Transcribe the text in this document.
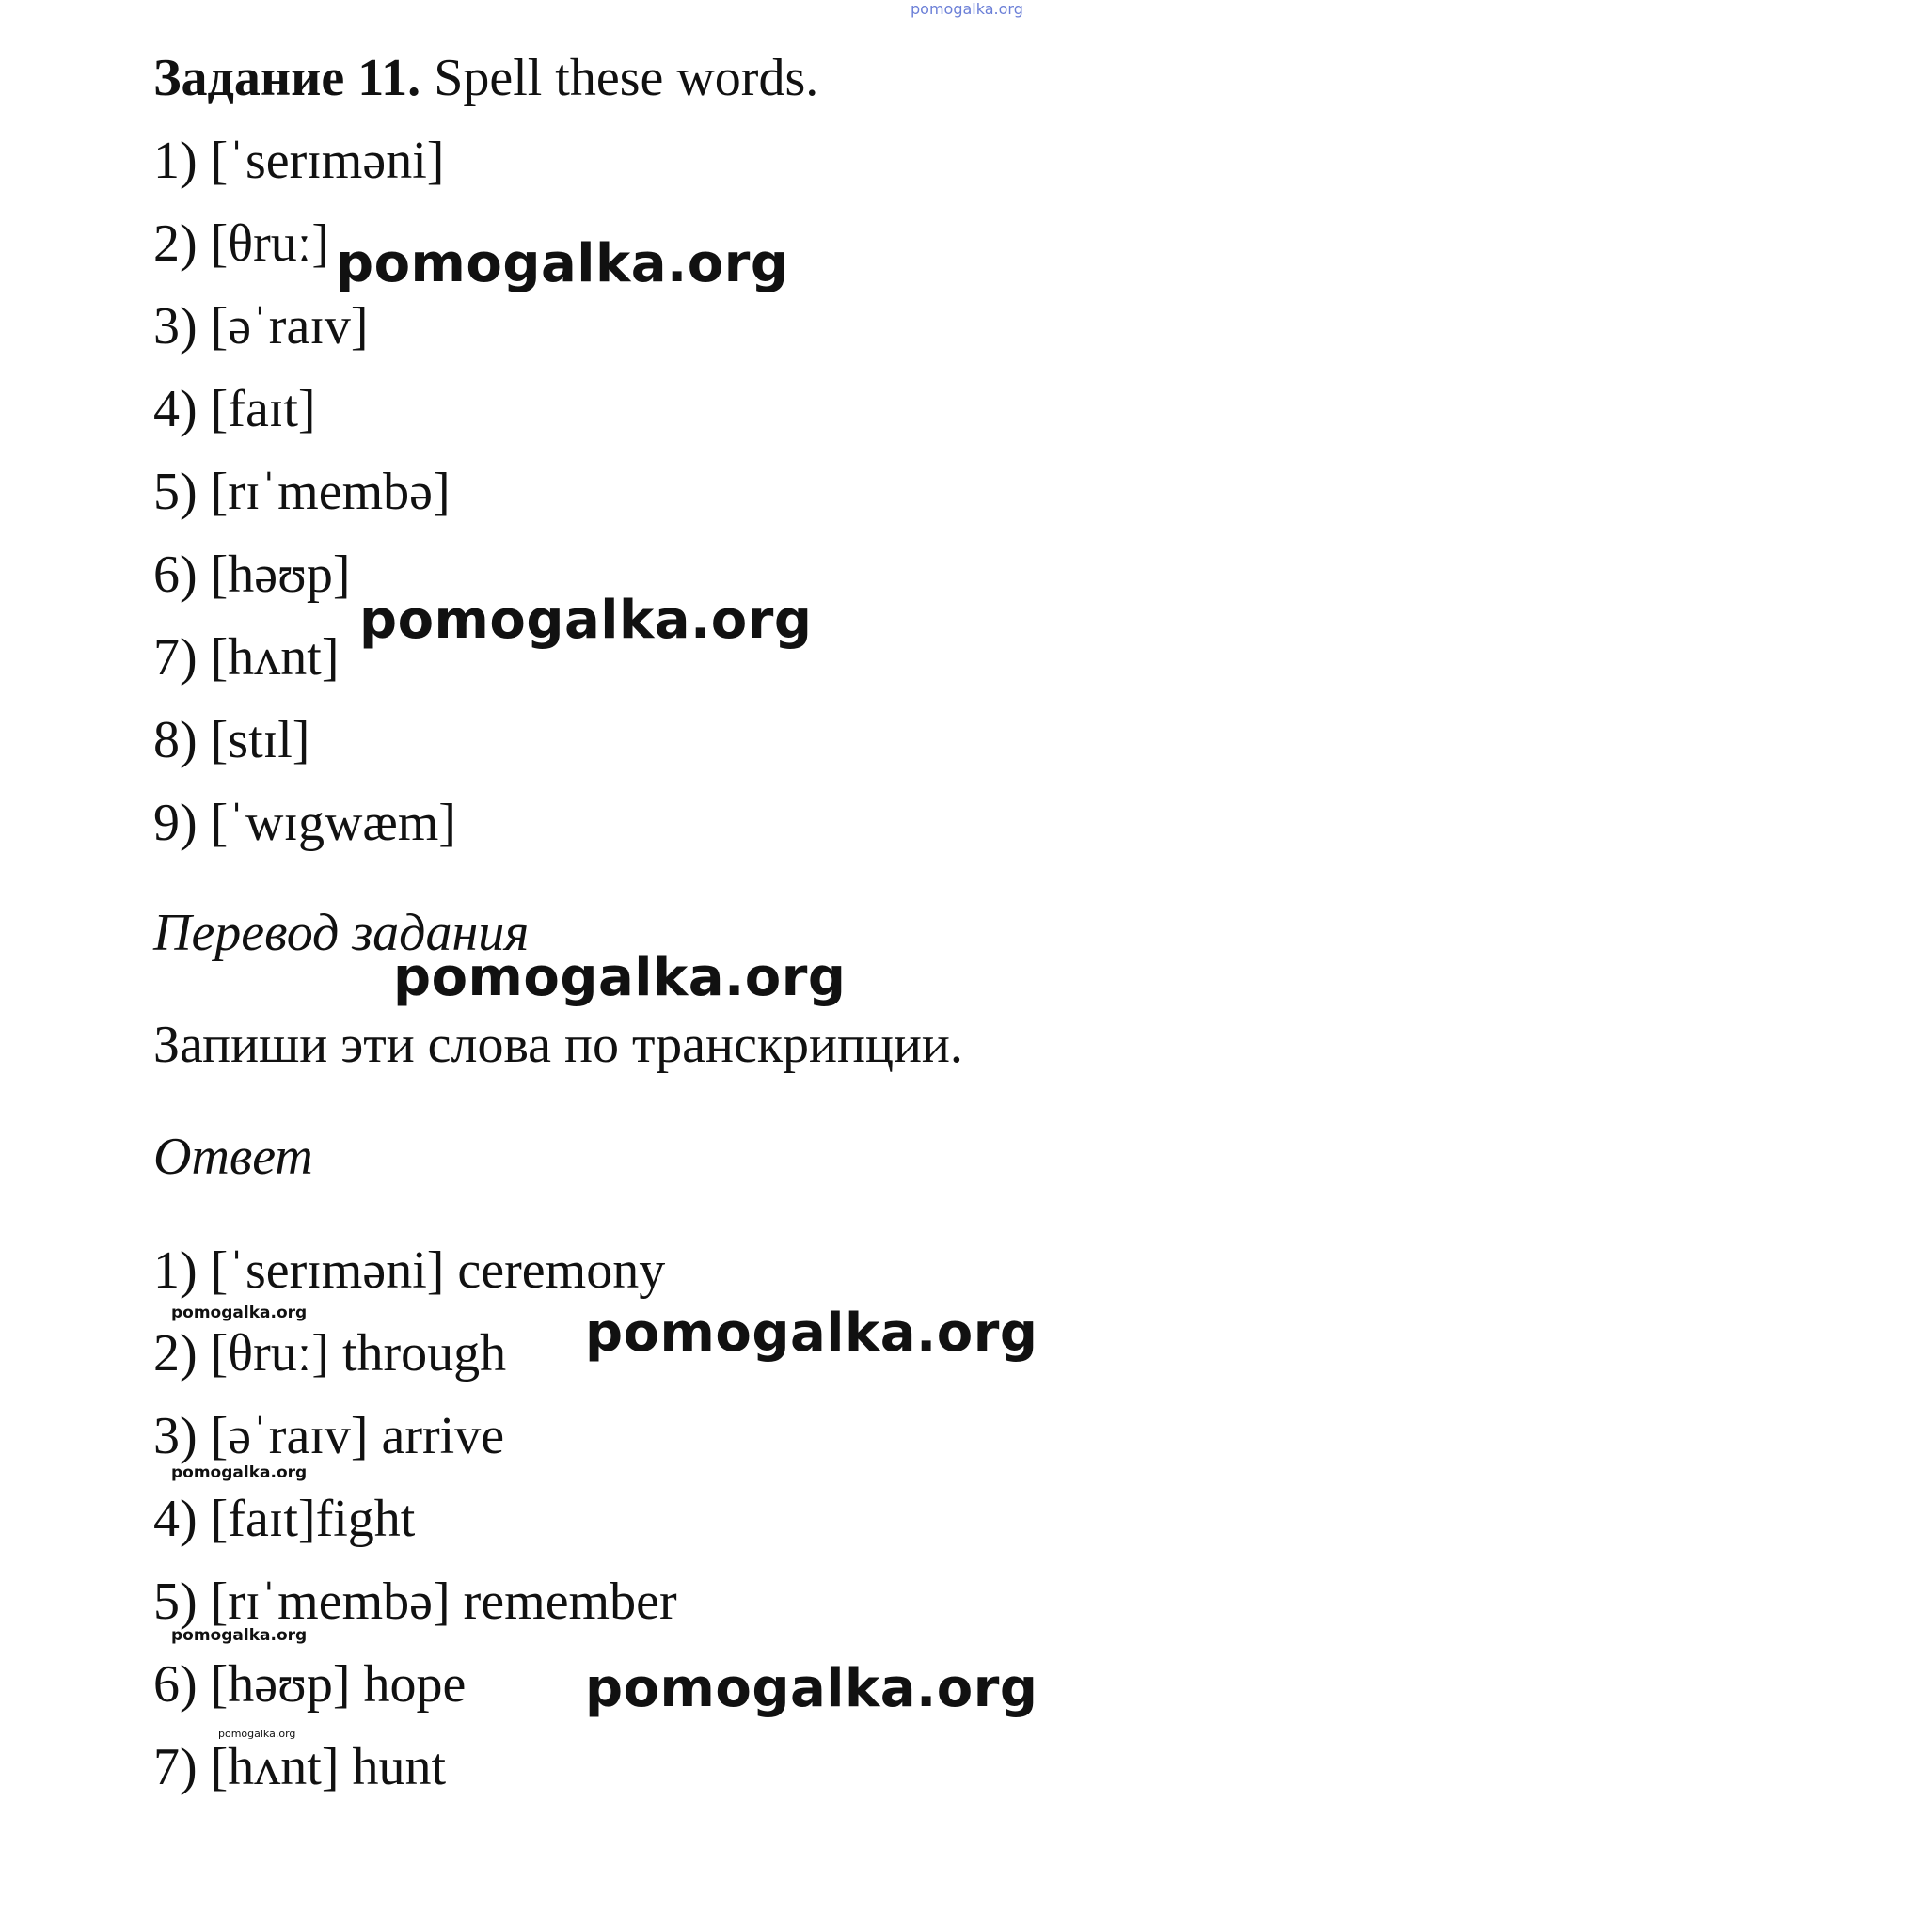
pomogalka.org
Задание 11. Spell these words.
1) [ˈserɪməni]
2) [θruː]
3) [əˈraɪv]
4) [faɪt]
5) [rɪˈmembə]
6) [həʊp]
7) [hʌnt]
8) [stɪl]
9) [ˈwɪgwæm]
Перевод задания
Запиши эти слова по транскрипции.
Ответ
1) [ˈserɪməni] ceremony
2) [θruː] through
3) [əˈraɪv] arrive
4) [faɪt]fight
5) [rɪˈmembə] remember
6) [həʊp] hope
7) [hʌnt] hunt
pomogalka.org
pomogalka.org
pomogalka.org
pomogalka.org
pomogalka.org
pomogalka.org
pomogalka.org
pomogalka.org
pomogalka.org
